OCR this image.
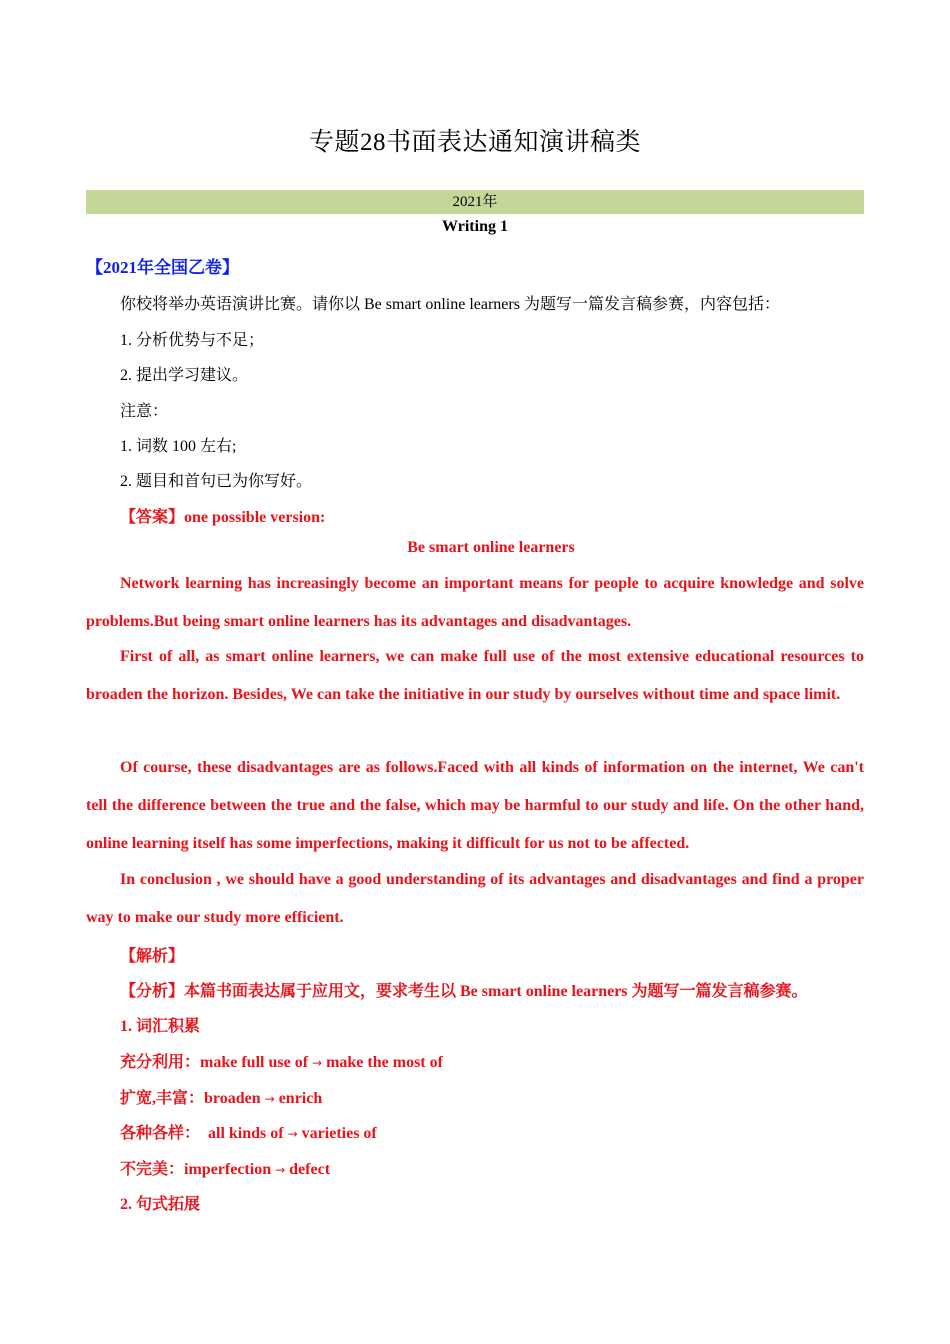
专题28书面表达通知演讲稿类
2021年
Writing 1
【2021年全国乙卷】
你校将举办英语演讲比赛。请你以 Be smart online learners 为题写一篇发言稿参赛，内容包括：
1. 分析优势与不足；
2. 提出学习建议。
注意：
1. 词数 100 左右;
2. 题目和首句已为你写好。
【答案】one possible version:
Be smart online learners
Network learning has increasingly become an important means for people to acquire knowledge and solve problems.But being smart online learners has its advantages and disadvantages.
First of all, as smart online learners, we can make full use of the most extensive educational resources to broaden the horizon. Besides, We can take the initiative in our study by ourselves without time and space limit.
Of course, these disadvantages are as follows.Faced with all kinds of information on the internet, We can't tell the difference between the true and the false, which may be harmful to our study and life. On the other hand, online learning itself has some imperfections, making it difficult for us not to be affected.
In conclusion , we should have a good understanding of its advantages and disadvantages and find a proper way to make our study more efficient.
【解析】
【分析】本篇书面表达属于应用文，要求考生以 Be smart online learners 为题写一篇发言稿参赛。
1. 词汇积累
充分利用：make full use of → make the most of
扩宽,丰富：broaden → enrich
各种各样：  all kinds of → varieties of
不完美：imperfection → defect
2. 句式拓展
